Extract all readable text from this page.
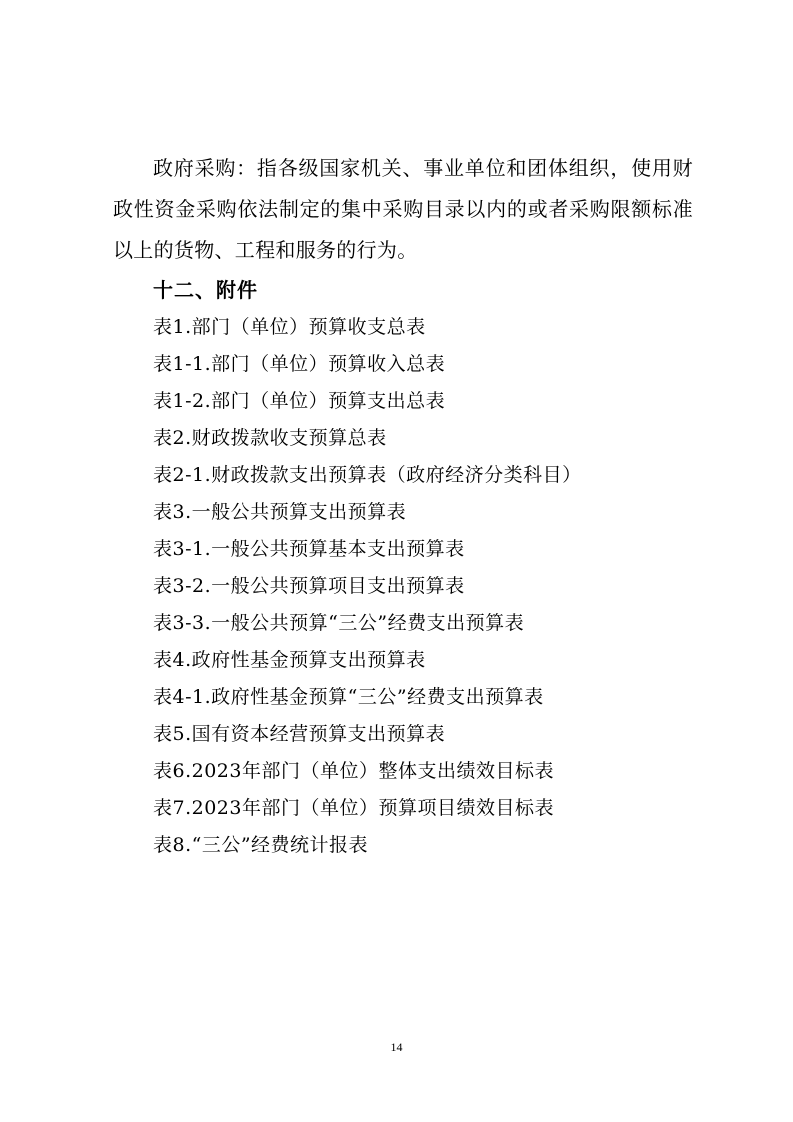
政府采购：指各级国家机关、事业单位和团体组织，使用财政性资金采购依法制定的集中采购目录以内的或者采购限额标准以上的货物、工程和服务的行为。

十二、附件
表1.部门（单位）预算收支总表
表1-1.部门（单位）预算收入总表
表1-2.部门（单位）预算支出总表
表2.财政拨款收支预算总表
表2-1.财政拨款支出预算表（政府经济分类科目）
表3.一般公共预算支出预算表
表3-1.一般公共预算基本支出预算表
表3-2.一般公共预算项目支出预算表
表3-3.一般公共预算“三公”经费支出预算表
表4.政府性基金预算支出预算表
表4-1.政府性基金预算“三公”经费支出预算表
表5.国有资本经营预算支出预算表
表6.2023年部门（单位）整体支出绩效目标表
表7.2023年部门（单位）预算项目绩效目标表
表8.“三公”经费统计报表
14
